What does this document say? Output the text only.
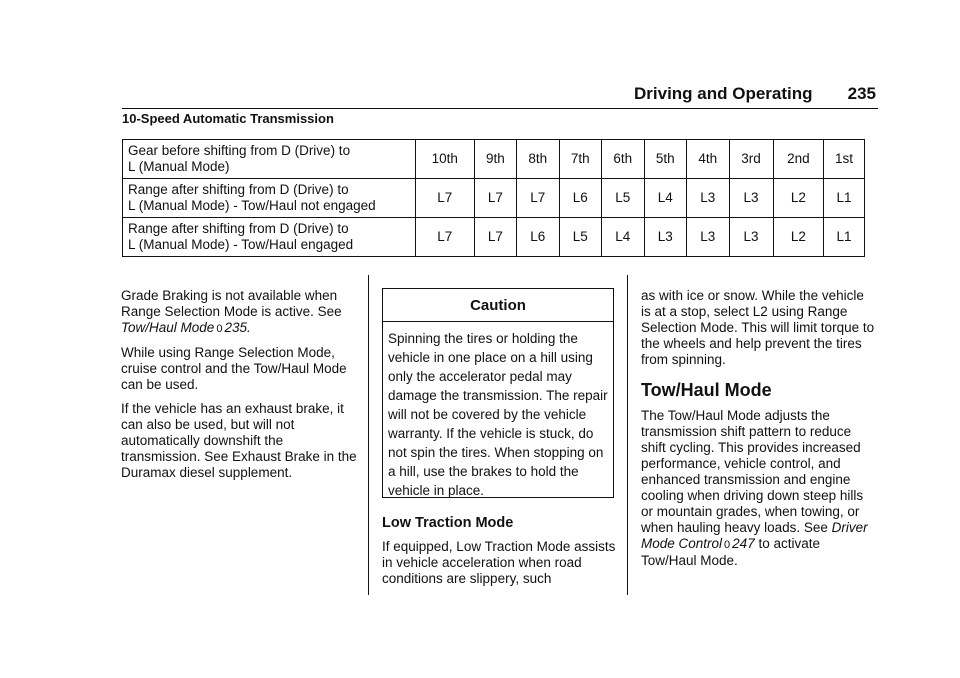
Driving and Operating 235
10-Speed Automatic Transmission
Gear before shifting from D (Drive) to
L (Manual Mode)	10th	9th	8th	7th	6th	5th	4th	3rd	2nd	1st
Range after shifting from D (Drive) to
L (Manual Mode) - Tow/Haul not engaged	L7	L7	L7	L6	L5	L4	L3	L3	L2	L1
Range after shifting from D (Drive) to
L (Manual Mode) - Tow/Haul engaged	L7	L7	L6	L5	L4	L3	L3	L3	L2	L1

Grade Braking is not available when Range Selection Mode is active. See Tow/Haul Mode 0 235.

While using Range Selection Mode, cruise control and the Tow/Haul Mode can be used.

If the vehicle has an exhaust brake, it can also be used, but will not automatically downshift the transmission. See Exhaust Brake in the Duramax diesel supplement.

Caution
Spinning the tires or holding the vehicle in one place on a hill using only the accelerator pedal may damage the transmission. The repair will not be covered by the vehicle warranty. If the vehicle is stuck, do not spin the tires. When stopping on a hill, use the brakes to hold the vehicle in place.
Low Traction Mode

If equipped, Low Traction Mode assists in vehicle acceleration when road conditions are slippery, such

as with ice or snow. While the vehicle is at a stop, select L2 using Range Selection Mode. This will limit torque to the wheels and help prevent the tires from spinning.

Tow/Haul Mode

The Tow/Haul Mode adjusts the transmission shift pattern to reduce shift cycling. This provides increased performance, vehicle control, and enhanced transmission and engine cooling when driving down steep hills or mountain grades, when towing, or when hauling heavy loads. See Driver Mode Control 0 247 to activate Tow/Haul Mode.
